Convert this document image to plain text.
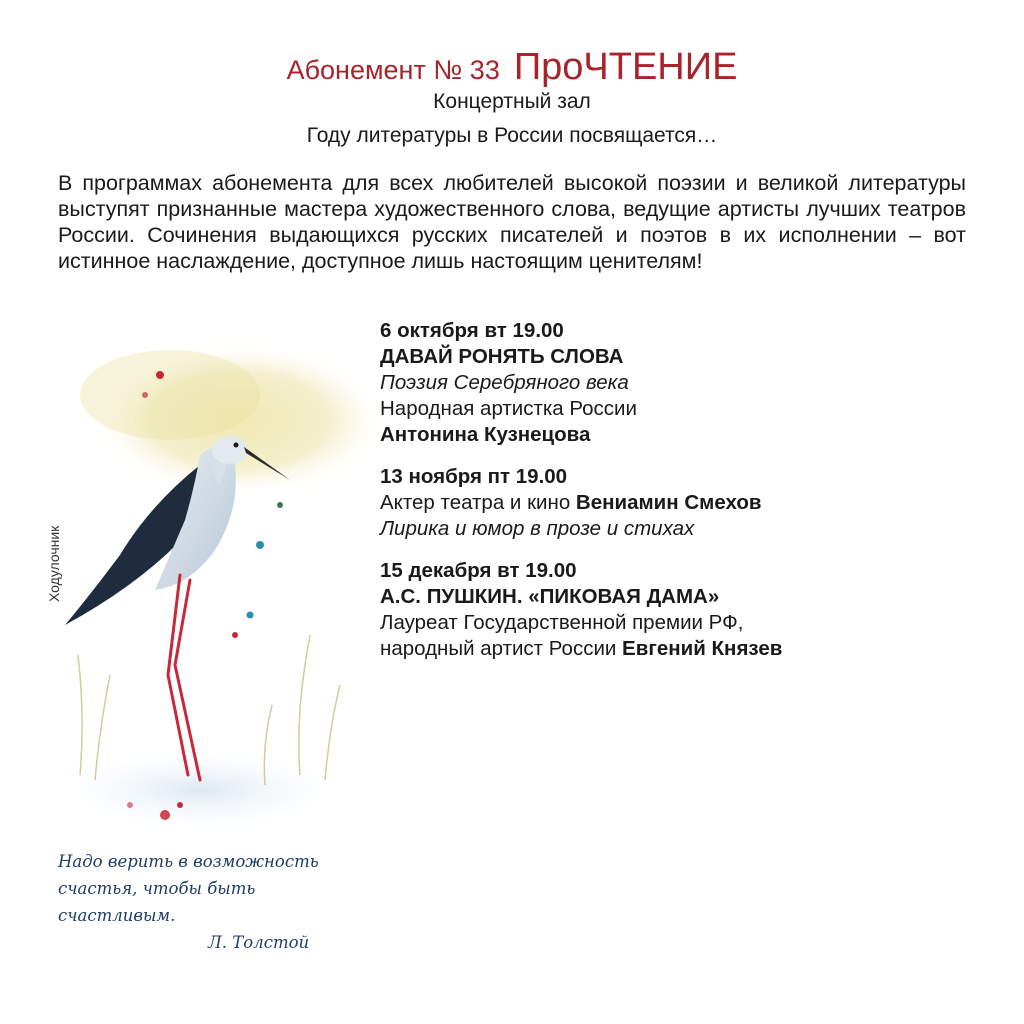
Абонемент № 33 ПроЧТЕНИЕ
Концертный зал
Году литературы в России посвящается…
В программах абонемента для всех любителей высокой поэзии и великой литературы выступят признанные мастера художественного слова, ведущие артисты лучших театров России. Сочинения выдающихся русских писателей и поэтов в их исполнении – вот истинное наслаждение, доступное лишь настоящим ценителям!
6 октября вт 19.00
ДАВАЙ РОНЯТЬ СЛОВА
Поэзия Серебряного века
Народная артистка России
Антонина Кузнецова
13 ноября пт 19.00
Актер театра и кино Вениамин Смехов
Лирика и юмор в прозе и стихах
15 декабря вт 19.00
А.С. ПУШКИН. «ПИКОВАЯ ДАМА»
Лауреат Государственной премии РФ,
народный артист России Евгений Князев
Ходулочник
Надо верить в возможность
счастья, чтобы быть
счастливым.
Л. Толстой
